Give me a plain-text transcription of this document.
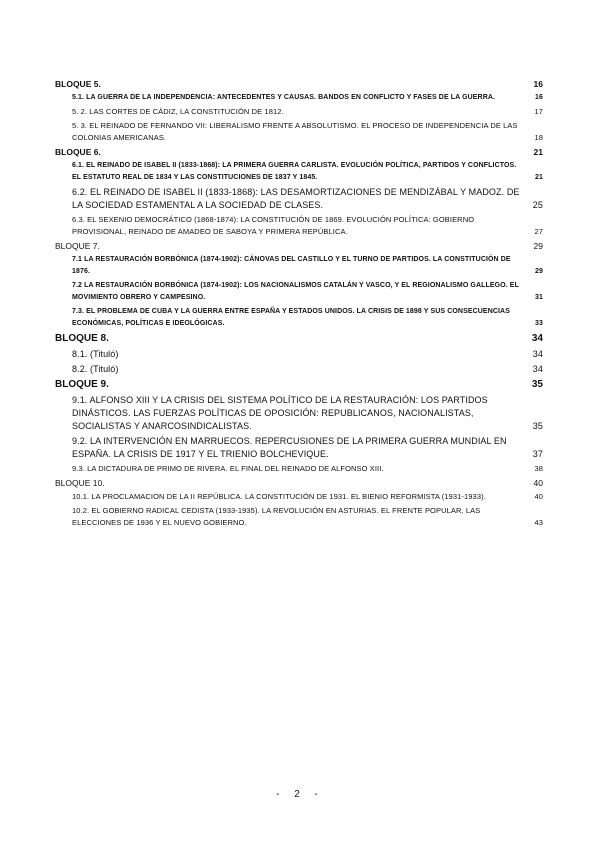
BLOQUE 5.	16
5.1. LA GUERRA DE LA INDEPENDENCIA: ANTECEDENTES Y CAUSAS. BANDOS EN CONFLICTO Y FASES DE LA GUERRA.	16
5. 2. LAS CORTES DE CÁDIZ, LA CONSTITUCIÓN DE 1812.	17
5. 3. EL REINADO DE FERNANDO VII: LIBERALISMO FRENTE A ABSOLUTISMO. EL PROCESO DE INDEPENDENCIA DE LAS COLONIAS AMERICANAS.	18
BLOQUE 6.	21
6.1. EL REINADO DE ISABEL II (1833-1868): LA PRIMERA GUERRA CARLISTA. EVOLUCIÓN POLÍTICA, PARTIDOS Y CONFLICTOS. EL ESTATUTO REAL DE 1834 Y LAS CONSTITUCIONES DE 1837 Y 1845.	21
6.2. EL REINADO DE ISABEL II (1833-1868): LAS DESAMORTIZACIONES DE MENDIZÁBAL Y MADOZ. DE LA SOCIEDAD ESTAMENTAL A LA SOCIEDAD DE CLASES.	25
6.3. EL SEXENIO DEMOCRÁTICO (1868-1874): LA CONSTITUCIÓN DE 1869. EVOLUCIÓN POLÍTICA: GOBIERNO PROVISIONAL, REINADO DE AMADEO DE SABOYA Y PRIMERA REPÚBLICA.	27
BLOQUE 7.	29
7.1 LA RESTAURACIÓN BORBÓNICA (1874-1902): CÁNOVAS DEL CASTILLO Y EL TURNO DE PARTIDOS. LA CONSTITUCIÓN DE 1876.	29
7.2 LA RESTAURACIÓN BORBÓNICA (1874-1902): LOS NACIONALISMOS CATALÁN Y VASCO, Y EL REGIONALISMO GALLEGO. EL MOVIMIENTO OBRERO Y CAMPESINO.	31
7.3. EL PROBLEMA DE CUBA Y LA GUERRA ENTRE ESPAÑA Y ESTADOS UNIDOS. LA CRISIS DE 1898 Y SUS CONSECUENCIAS ECONÓMICAS, POLÍTICAS E IDEOLÓGICAS.	33
BLOQUE 8.	34
8.1. (Tituló)	34
8.2. (Tituló)	34
BLOQUE 9.	35
9.1. ALFONSO XIII Y LA CRISIS DEL SISTEMA POLÍTICO DE LA RESTAURACIÓN: LOS PARTIDOS DINÁSTICOS. LAS FUERZAS POLÍTICAS DE OPOSICIÓN: REPUBLICANOS, NACIONALISTAS, SOCIALISTAS Y ANARCOSINDICALISTAS.	35
9.2. LA INTERVENCIÓN EN MARRUECOS. REPERCUSIONES DE LA PRIMERA GUERRA MUNDIAL EN ESPAÑA. LA CRISIS DE 1917 Y EL TRIENIO BOLCHEVIQUE.	37
9.3. LA DICTADURA DE PRIMO DE RIVERA. EL FINAL DEL REINADO DE ALFONSO XIII.	38
BLOQUE 10.	40
10.1. LA PROCLAMACION DE LA II REPÚBLICA. LA CONSTITUCIÓN DE 1931. EL BIENIO REFORMISTA (1931-1933).	40
10.2. EL GOBIERNO RADICAL CEDISTA (1933-1935). LA REVOLUCIÓN EN ASTURIAS. EL FRENTE POPULAR, LAS ELECCIONES DE 1936 Y EL NUEVO GOBIERNO.	43
- 2 -
